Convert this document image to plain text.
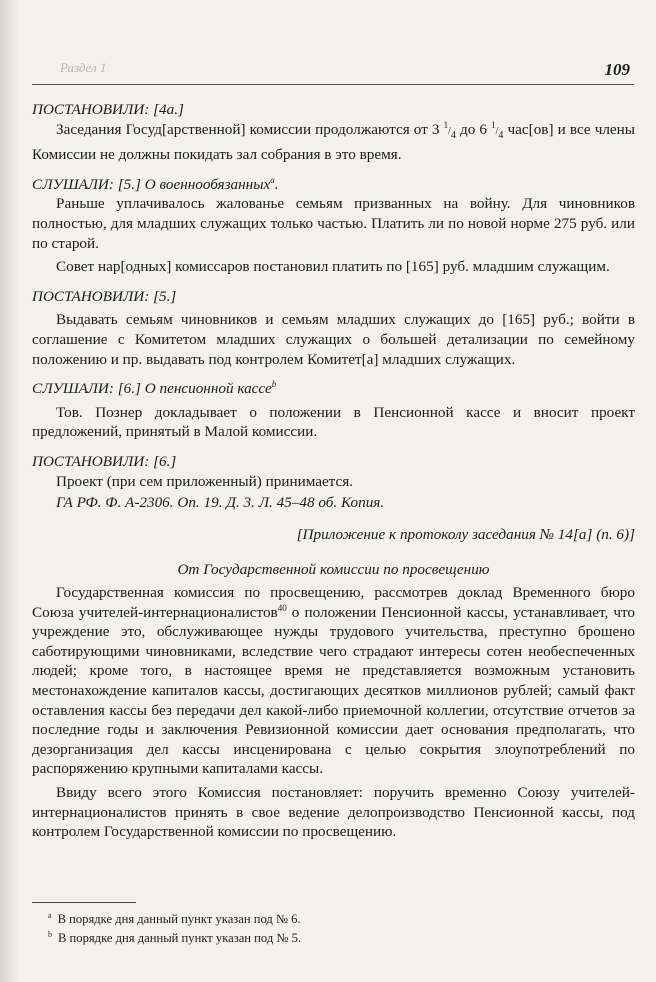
Раздел 1	109

ПОСТАНОВИЛИ: [4а.]

Заседания Госуд[арственной] комиссии продолжаются от 3 $^1/_4$ до 6 $^1/_4$ час[ов] и все члены Комиссии не должны покидать зал собрания в это время.

СЛУШАЛИ: [5.] О военнообязанных$^a$.

Раньше уплачивалось жалованье семьям призванных на войну. Для чиновников полностью, для младших служащих только частью. Платить ли по новой норме 275 руб. или по старой.

Совет нар[одных] комиссаров постановил платить по [165] руб. младшим служащим.

ПОСТАНОВИЛИ: [5.]

Выдавать семьям чиновников и семьям младших служащих до [165] руб.; войти в соглашение с Комитетом младших служащих о большей детализации по семейному положению и пр. выдавать под контролем Комитет[а] младших служащих.

СЛУШАЛИ: [6.] О пенсионной кассе$^b$

Тов. Познер докладывает о положении в Пенсионной кассе и вносит проект предложений, принятый в Малой комиссии.

ПОСТАНОВИЛИ: [6.]

Проект (при сем приложенный) принимается.

ГА РФ. Ф. А-2306. Оп. 19. Д. 3. Л. 45–48 об. Копия.

[Приложение к протоколу заседания № 14[а] (п. 6)]

От Государственной комиссии по просвещению

Государственная комиссия по просвещению, рассмотрев доклад Временного бюро Союза учителей-интернационалистов$^{40}$ о положении Пенсионной кассы, устанавливает, что учреждение это, обслуживающее нужды трудового учительства, преступно брошено саботирующими чиновниками, вследствие чего страдают интересы сотен необеспеченных людей; кроме того, в настоящее время не представляется возможным установить местонахождение капиталов кассы, достигающих десятков миллионов рублей; самый факт оставления кассы без передачи дел какой-либо приемочной коллегии, отсутствие отчетов за последние годы и заключения Ревизионной комиссии дает основания предполагать, что дезорганизация дел кассы инсценирована с целью сокрытия злоупотреблений по распоряжению крупными капиталами кассы.

Ввиду всего этого Комиссия постановляет: поручить временно Союзу учителей-интернационалистов принять в свое ведение делопроизводство Пенсионной кассы, под контролем Государственной комиссии по просвещению.

$^a$ В порядке дня данный пункт указан под № 6.

$^b$ В порядке дня данный пункт указан под № 5.
